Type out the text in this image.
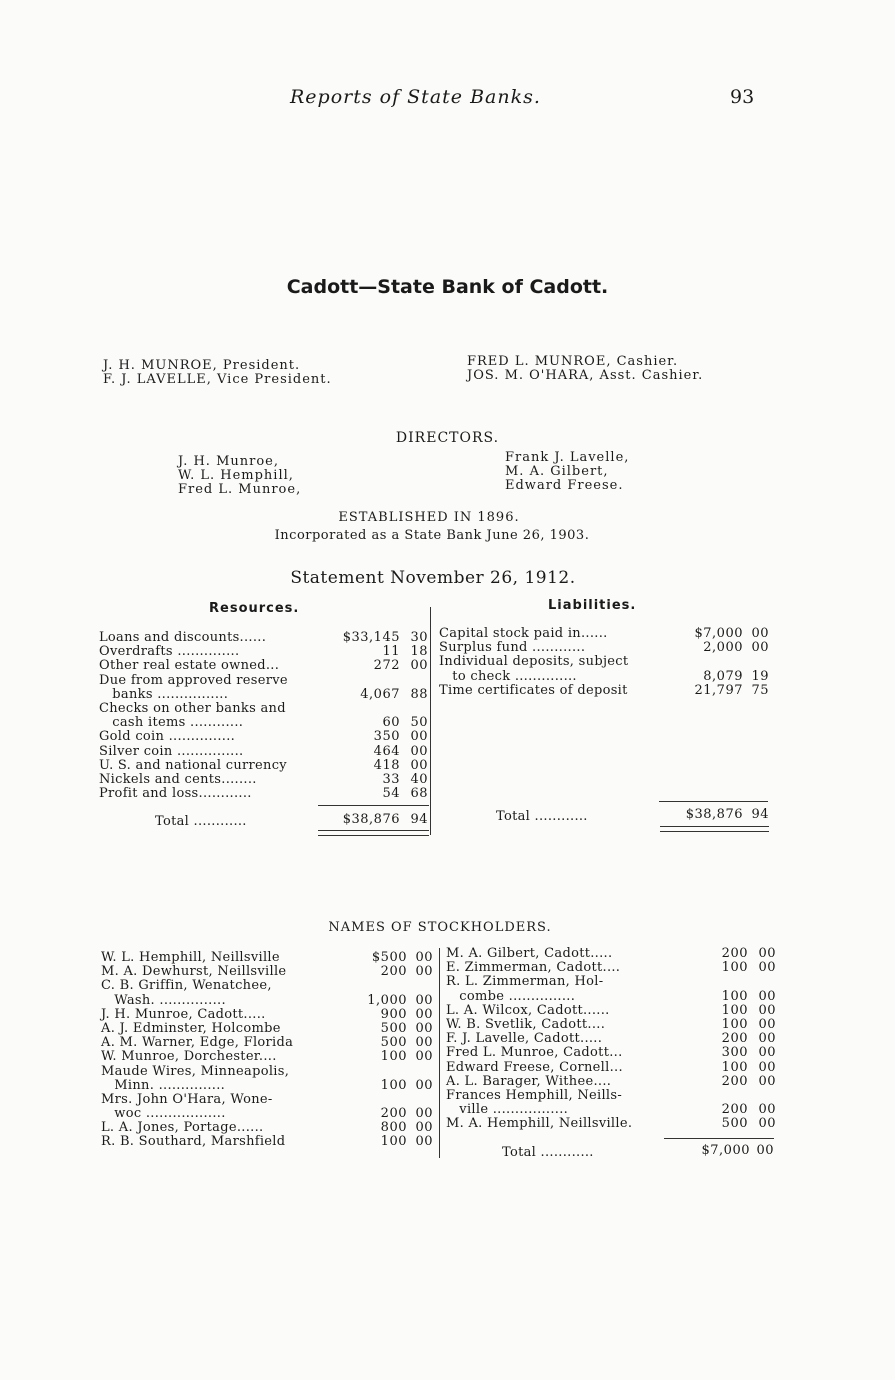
Reports of State Banks.	93
Cadott—State Bank of Cadott.
J. H. MUNROE, President.
F. J. LAVELLE, Vice President.
FRED L. MUNROE, Cashier.
JOS. M. O'HARA, Asst. Cashier.
DIRECTORS.
J. H. Munroe,
W. L. Hemphill,
Fred L. Munroe,
Frank J. Lavelle,
M. A. Gilbert,
Edward Freese.
ESTABLISHED IN 1896.
Incorporated as a State Bank June 26, 1903.
Statement November 26, 1912.
Resources.	Liabilities.
Loans and discounts......	$33,145 30
Overdrafts ..............	11 18
Other real estate owned...	272 00
Due from approved reserve
banks ................	4,067 88
Checks on other banks and
cash items ............	60 50
Gold coin ...............	350 00
Silver coin ...............	464 00
U. S. and national currency	418 00
Nickels and cents........	33 40
Profit and loss............	54 68
Capital stock paid in......	$7,000 00
Surplus fund ............	2,000 00
Individual deposits, subject
to check ..............	8,079 19
Time certificates of deposit	21,797 75
Total ............	$38,876 94	Total ............	$38,876 94
NAMES OF STOCKHOLDERS.
W. L. Hemphill, Neillsville	$500 00
M. A. Dewhurst, Neillsville	200 00
C. B. Griffin, Wenatchee,
Wash. ...............	1,000 00
J. H. Munroe, Cadott.....	900 00
A. J. Edminster, Holcombe	500 00
A. M. Warner, Edge, Florida	500 00
W. Munroe, Dorchester....	100 00
Maude Wires, Minneapolis,
Minn. ...............	100 00
Mrs. John O'Hara, Wone-
woc ..................	200 00
L. A. Jones, Portage......	800 00
R. B. Southard, Marshfield	100 00
M. A. Gilbert, Cadott.....	200 00
E. Zimmerman, Cadott....	100 00
R. L. Zimmerman, Hol-
combe ...............	100 00
L. A. Wilcox, Cadott......	100 00
W. B. Svetlik, Cadott....	100 00
F. J. Lavelle, Cadott.....	200 00
Fred L. Munroe, Cadott...	300 00
Edward Freese, Cornell...	100 00
A. L. Barager, Withee....	200 00
Frances Hemphill, Neills-
ville .................	200 00
M. A. Hemphill, Neillsville.	500 00
Total ............	$7,000 00
